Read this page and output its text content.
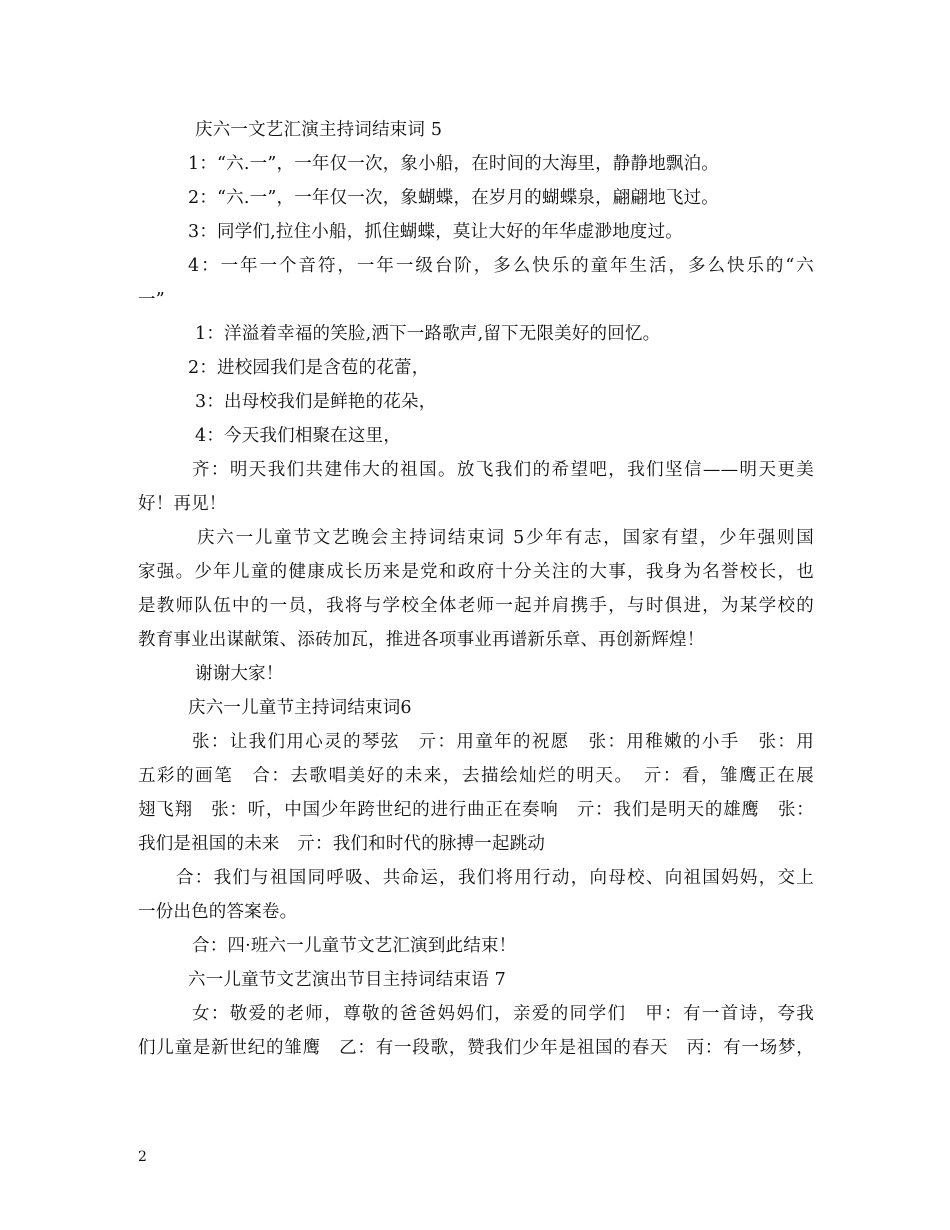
庆六一文艺汇演主持词结束词 5
1：“六.一”，一年仅一次，象小船，在时间的大海里，静静地飘泊。
2：“六.一”，一年仅一次，象蝴蝶，在岁月的蝴蝶泉，翩翩地飞过。
3：同学们,拉住小船，抓住蝴蝶，莫让大好的年华虚渺地度过。
4：一年一个音符，一年一级台阶，多么快乐的童年生活，多么快乐的“六
一”
1：洋溢着幸福的笑脸,洒下一路歌声,留下无限美好的回忆。
2：进校园我们是含苞的花蕾，
3：出母校我们是鲜艳的花朵，
4：今天我们相聚在这里，
齐：明天我们共建伟大的祖国。放飞我们的希望吧，我们坚信——明天更美
好！再见！
庆六一儿童节文艺晚会主持词结束词 5少年有志，国家有望，少年强则国
家强。少年儿童的健康成长历来是党和政府十分关注的大事，我身为名誉校长，也
是教师队伍中的一员，我将与学校全体老师一起并肩携手，与时俱进，为某学校的
教育事业出谋献策、添砖加瓦，推进各项事业再谱新乐章、再创新辉煌！
谢谢大家！
庆六一儿童节主持词结束词6
张：让我们用心灵的琴弦　亓：用童年的祝愿　张：用稚嫩的小手　张：用
五彩的画笔　合：去歌唱美好的未来，去描绘灿烂的明天。　亓：看，雏鹰正在展
翅飞翔　张：听，中国少年跨世纪的进行曲正在奏响　亓：我们是明天的雄鹰　张：
我们是祖国的未来　亓：我们和时代的脉搏一起跳动
合：我们与祖国同呼吸、共命运，我们将用行动，向母校、向祖国妈妈，交上
一份出色的答案卷。
合：四·班六一儿童节文艺汇演到此结束！
六一儿童节文艺演出节目主持词结束语 7
女：敬爱的老师，尊敬的爸爸妈妈们，亲爱的同学们　甲：有一首诗，夸我
们儿童是新世纪的雏鹰　乙：有一段歌，赞我们少年是祖国的春天　丙：有一场梦，
2
